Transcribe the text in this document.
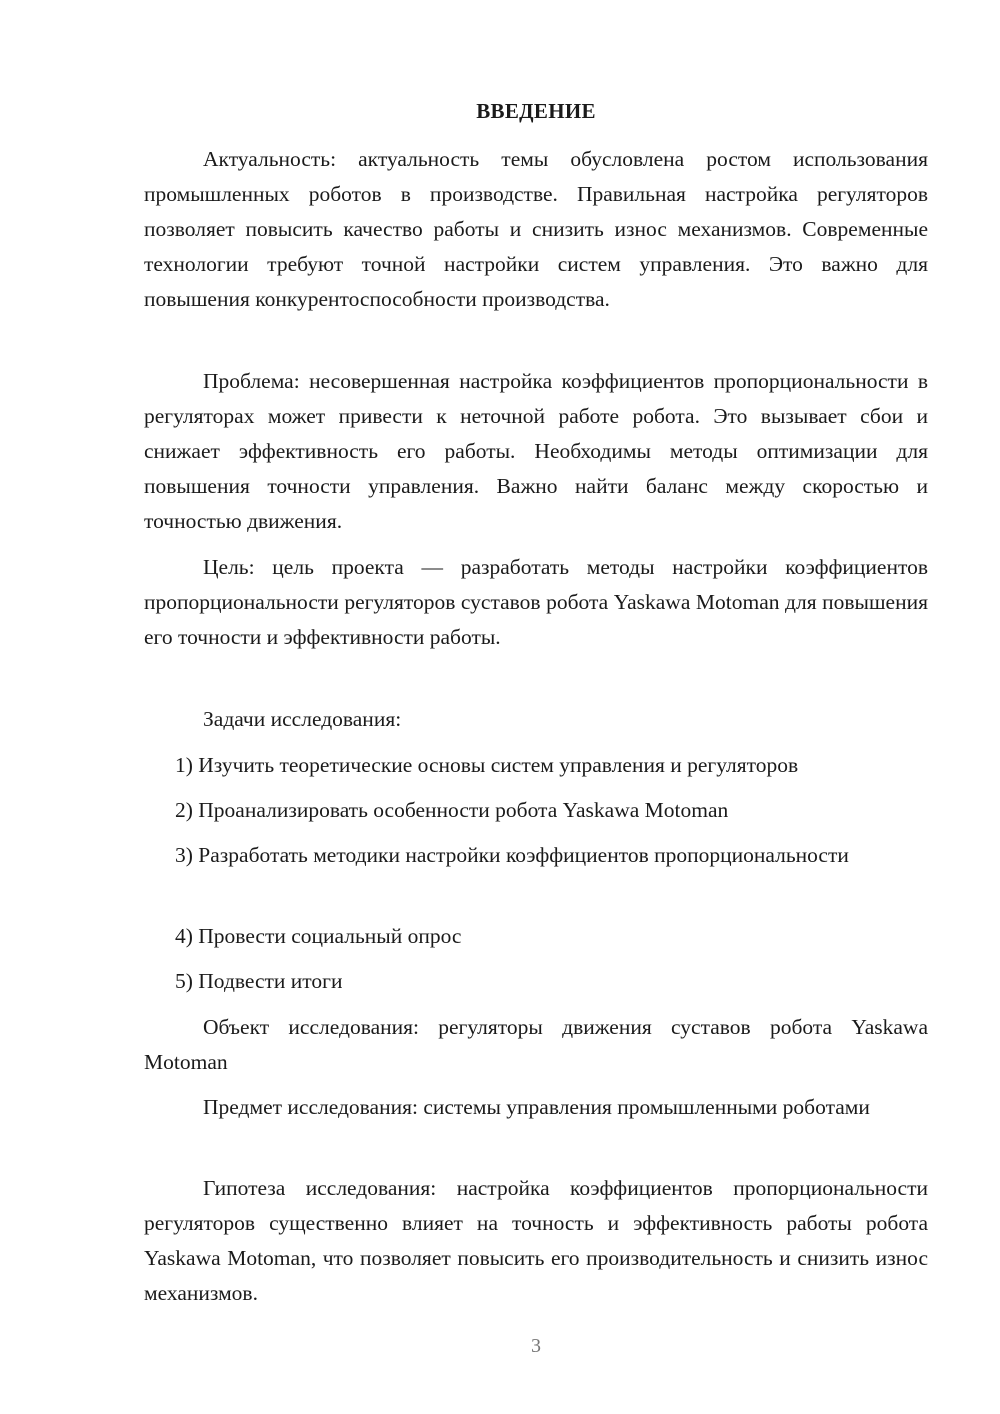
ВВЕДЕНИЕ
Актуальность: актуальность темы обусловлена ростом использования промышленных роботов в производстве. Правильная настройка регуляторов позволяет повысить качество работы и снизить износ механизмов. Современные технологии требуют точной настройки систем управления. Это важно для повышения конкурентоспособности производства.
Проблема: несовершенная настройка коэффициентов пропорциональности в регуляторах может привести к неточной работе робота. Это вызывает сбои и снижает эффективность его работы. Необходимы методы оптимизации для повышения точности управления. Важно найти баланс между скоростью и точностью движения.
Цель: цель проекта — разработать методы настройки коэффициентов пропорциональности регуляторов суставов робота Yaskawa Motoman для повышения его точности и эффективности работы.
Задачи исследования:
1) Изучить теоретические основы систем управления и регуляторов
2) Проанализировать особенности робота Yaskawa Motoman
3) Разработать методики настройки коэффициентов пропорциональности
4) Провести социальный опрос
5) Подвести итоги
Объект исследования: регуляторы движения суставов робота Yaskawa Motoman
Предмет исследования: системы управления промышленными роботами
Гипотеза исследования: настройка коэффициентов пропорциональности регуляторов существенно влияет на точность и эффективность работы робота Yaskawa Motoman, что позволяет повысить его производительность и снизить износ механизмов.
3
